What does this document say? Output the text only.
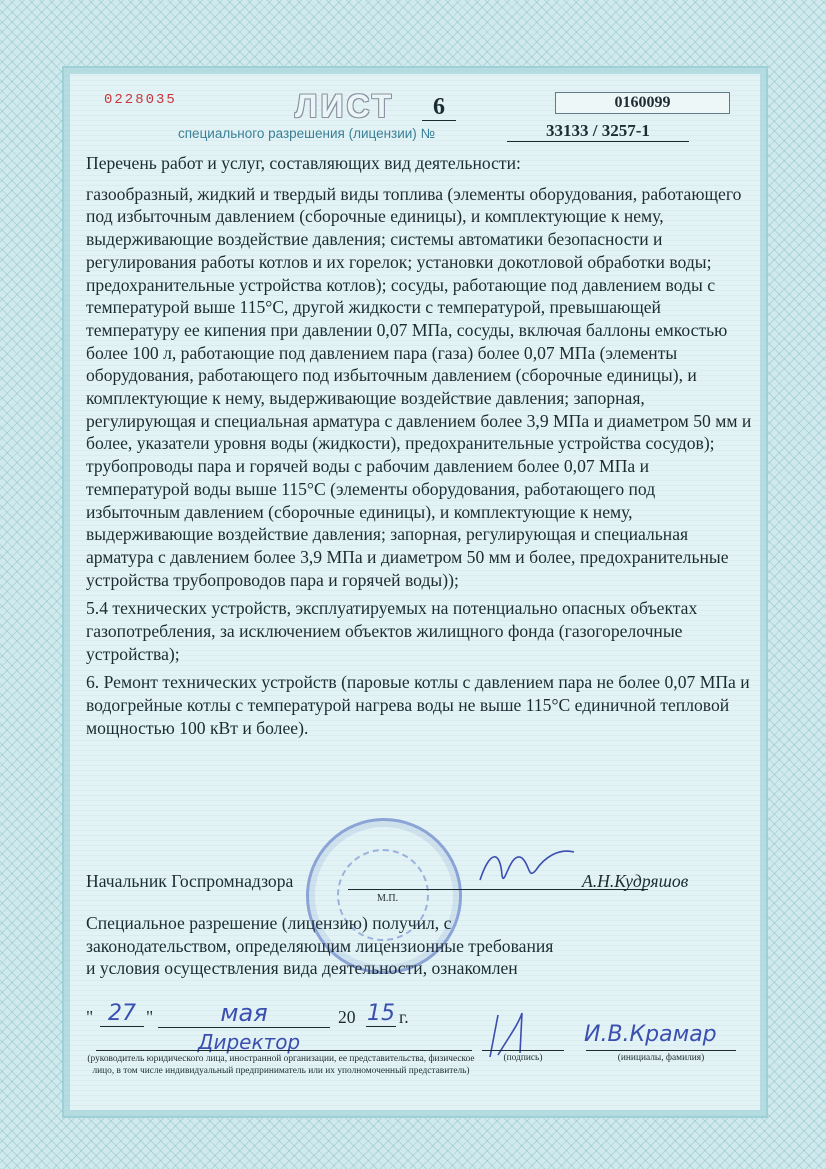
0228035	ЛИСТ	6	0160099
специального разрешения (лицензии) №	33133 / 3257-1

Перечень работ и услуг, составляющих вид деятельности:

газообразный, жидкий и твердый виды топлива (элементы оборудования, работающего под избыточным давлением (сборочные единицы), и комплектующие к нему, выдерживающие воздействие давления; системы автоматики безопасности и регулирования работы котлов и их горелок; установки докотловой обработки воды; предохранительные устройства котлов); сосуды, работающие под давлением воды с температурой выше 115°С, другой жидкости с температурой, превышающей температуру ее кипения при давлении 0,07 МПа, сосуды, включая баллоны емкостью более 100 л, работающие под давлением пара (газа) более 0,07 МПа (элементы оборудования, работающего под избыточным давлением (сборочные единицы), и комплектующие к нему, выдерживающие воздействие давления; запорная, регулирующая и специальная арматура с давлением более 3,9 МПа и диаметром 50 мм и более, указатели уровня воды (жидкости), предохранительные устройства сосудов); трубопроводы пара и горячей воды с рабочим давлением более 0,07 МПа и температурой воды выше 115°С (элементы оборудования, работающего под избыточным давлением (сборочные единицы), и комплектующие к нему, выдерживающие воздействие давления; запорная, регулирующая и специальная арматура с давлением более 3,9 МПа и диаметром 50 мм и более, предохранительные устройства трубопроводов пара и горячей воды));

5.4 технических устройств, эксплуатируемых на потенциально опасных объектах газопотребления, за исключением объектов жилищного фонда (газогорелочные устройства);

6. Ремонт технических устройств (паровые котлы с давлением пара не более 0,07 МПа и водогрейные котлы с температурой нагрева воды не выше 115°С единичной тепловой мощностью 100 кВт и более).

Начальник Госпромнадзора	А.Н.Кудряшов
М.П.
Специальное разрешение (лицензию) получил, с законодательством, определяющим лицензионные требования и условия осуществления вида деятельности, ознакомлен
" 27 "	мая	20 15 г.
Директор	И.В.Крамар
(руководитель юридического лица, иностранной организации, ее представительства, физическое лицо, в том числе индивидуальный предприниматель или их уполномоченный представитель)
(подпись)	(инициалы, фамилия)
